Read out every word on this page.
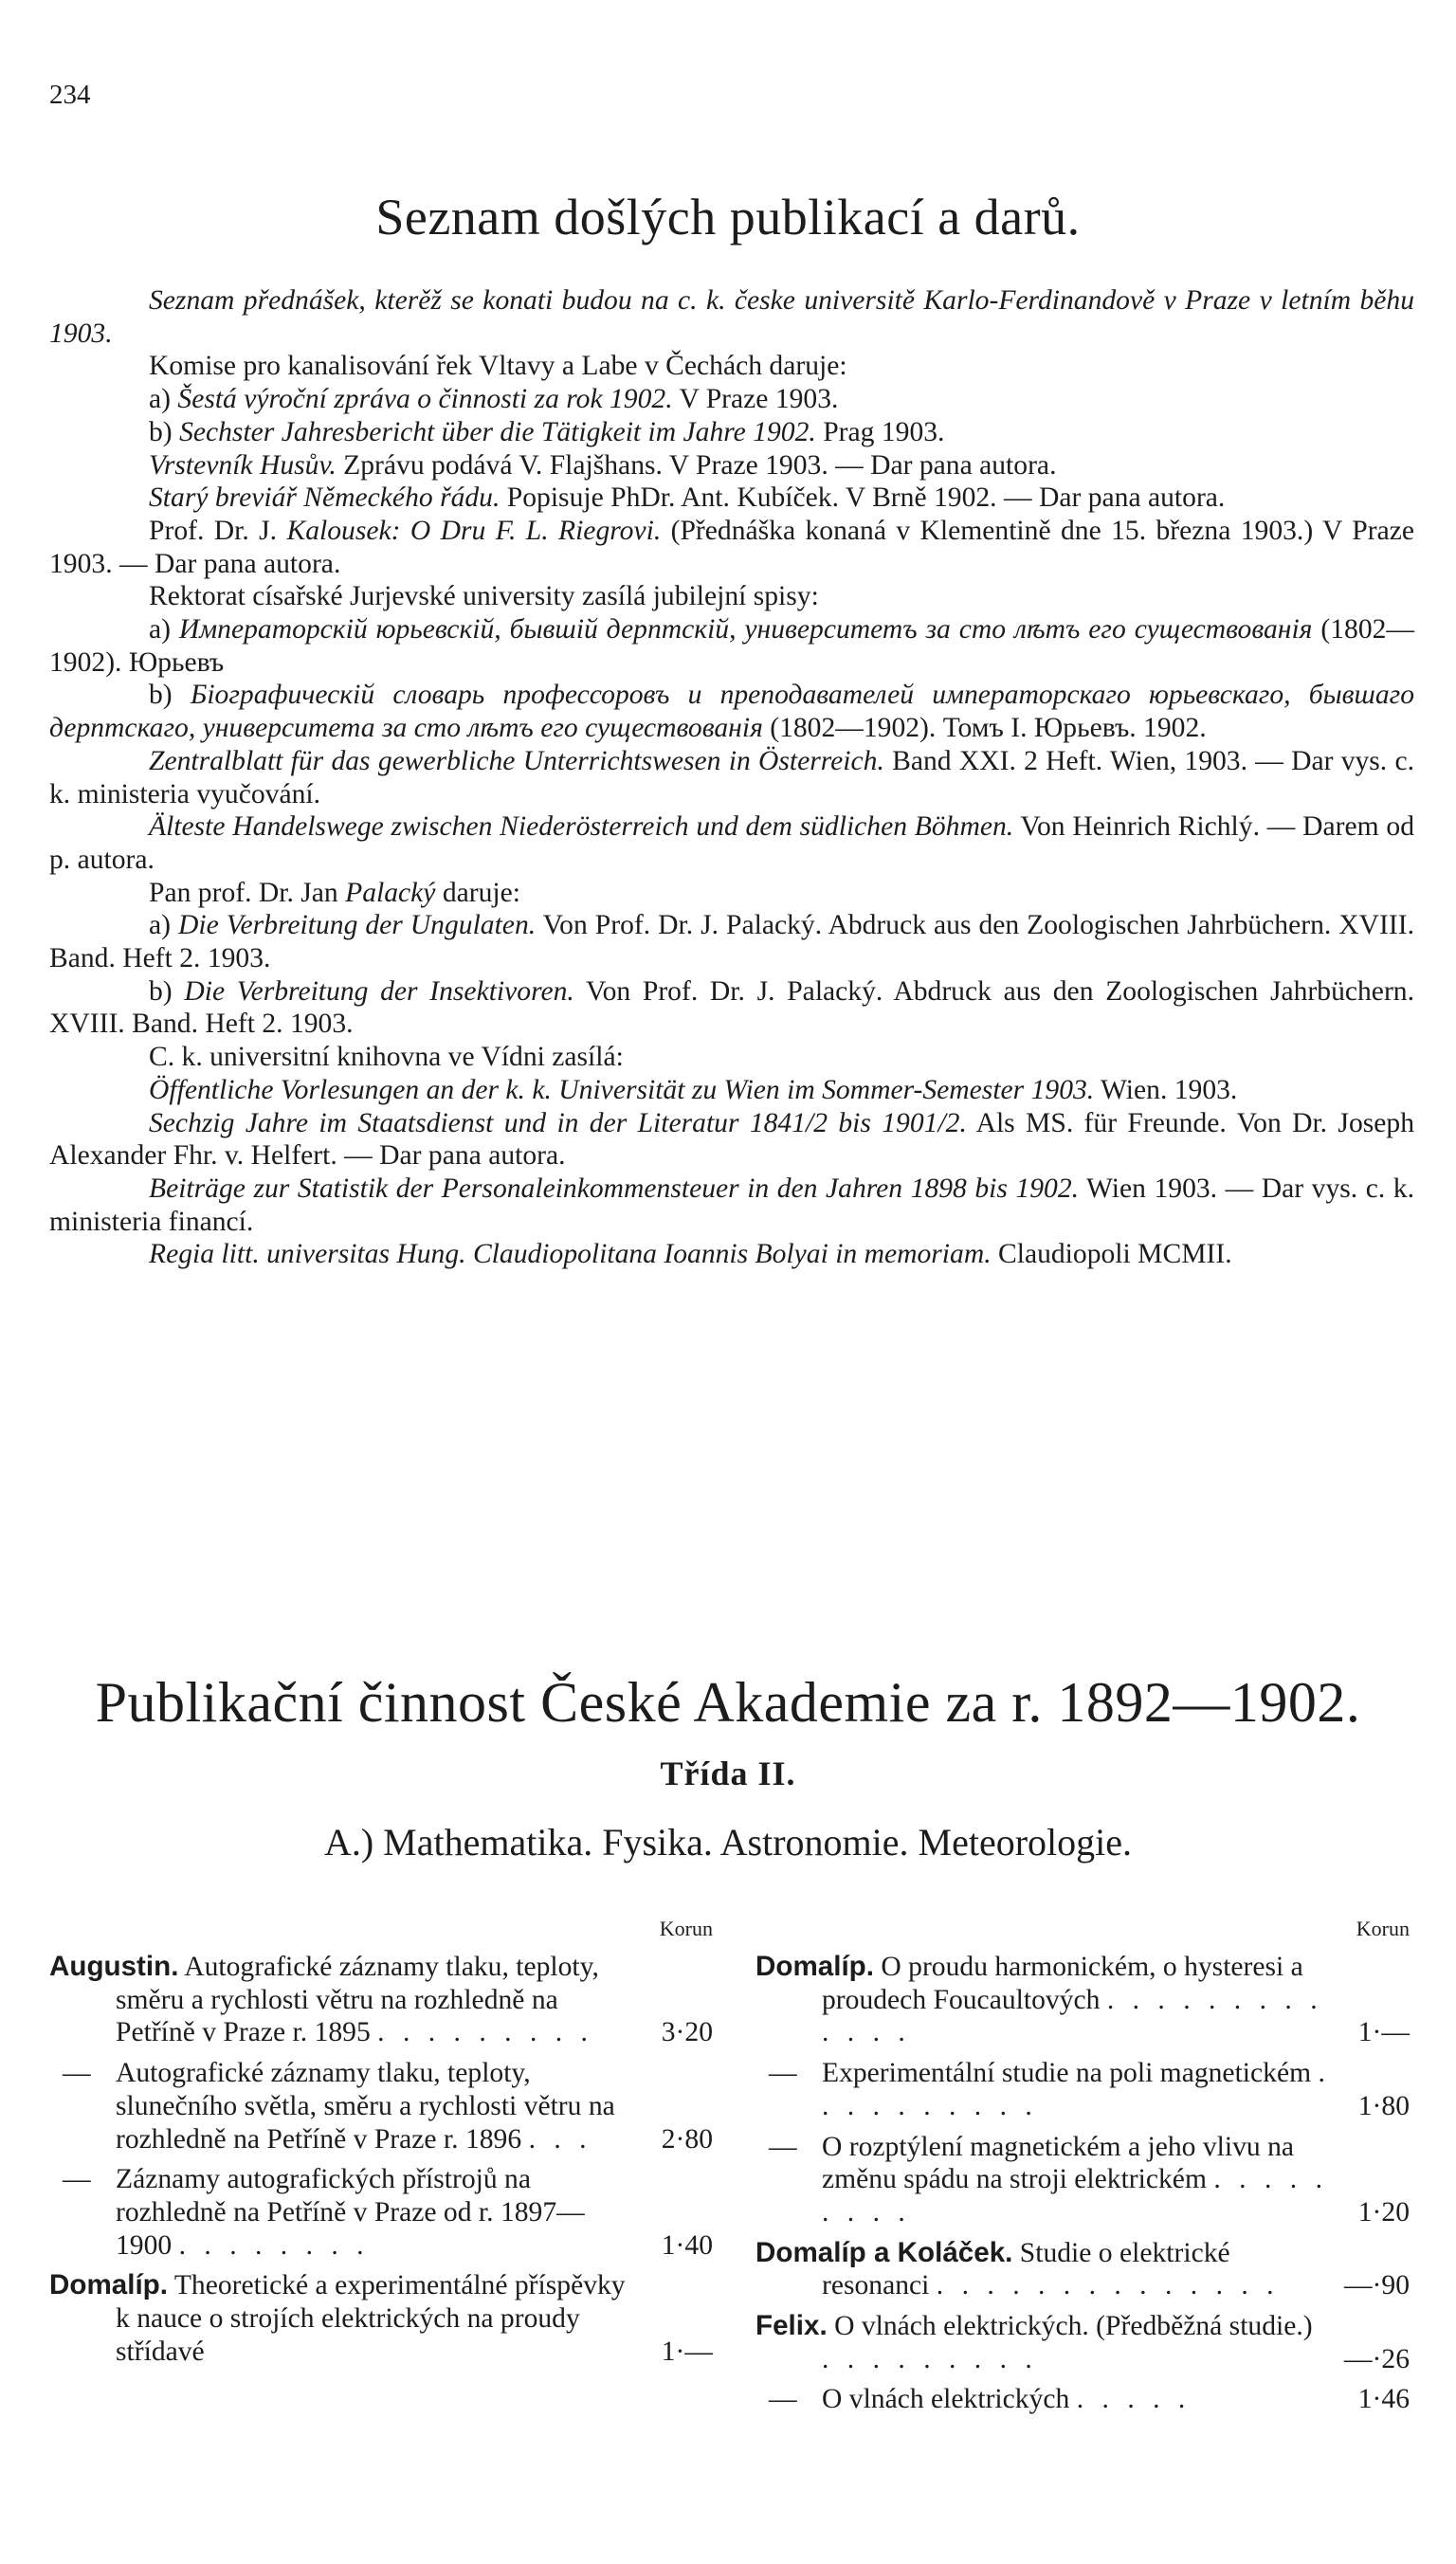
234
Seznam došlých publikací a darů.

Seznam přednášek, kterěž se konati budou na c. k. česke universitě Karlo-Ferdinandově v Praze v letním běhu 1903.

Komise pro kanalisování řek Vltavy a Labe v Čechách daruje:

a) Šestá výroční zpráva o činnosti za rok 1902. V Praze 1903.

b) Sechster Jahresbericht über die Tätigkeit im Jahre 1902. Prag 1903.

Vrstevník Husův. Zprávu podává V. Flajšhans. V Praze 1903. — Dar pana autora.

Starý breviář Německého řádu. Popisuje PhDr. Ant. Kubíček. V Brně 1902. — Dar pana autora.

Prof. Dr. J. Kalousek: O Dru F. L. Riegrovi. (Přednáška konaná v Klementině dne 15. března 1903.) V Praze 1903. — Dar pana autora.

Rektorat císařské Jurjevské university zasílá jubilejní spisy:

a) Императорскiй юрьевскiй, бывшiй дерптскiй, университетъ за сто лѣтъ его существованiя (1802—1902). Юрьевъ

b) Бiографическiй словарь профессоровъ и преподавателей императорскаго юрьевскаго, бывшаго дерптскаго, университета за сто лѣтъ его существованiя (1802—1902). Томъ I. Юрьевъ. 1902.

Zentralblatt für das gewerbliche Unterrichtswesen in Österreich. Band XXI. 2 Heft. Wien, 1903. — Dar vys. c. k. ministeria vyučování.

Älteste Handelswege zwischen Niederösterreich und dem südlichen Böhmen. Von Heinrich Richlý. — Darem od p. autora.

Pan prof. Dr. Jan Palacký daruje:

a) Die Verbreitung der Ungulaten. Von Prof. Dr. J. Palacký. Abdruck aus den Zoologischen Jahrbüchern. XVIII. Band. Heft 2. 1903.

b) Die Verbreitung der Insektivoren. Von Prof. Dr. J. Palacký. Abdruck aus den Zoologischen Jahrbüchern. XVIII. Band. Heft 2. 1903.

C. k. universitní knihovna ve Vídni zasílá:

Öffentliche Vorlesungen an der k. k. Universität zu Wien im Sommer-Semester 1903. Wien. 1903.

Sechzig Jahre im Staatsdienst und in der Literatur 1841/2 bis 1901/2. Als MS. für Freunde. Von Dr. Joseph Alexander Fhr. v. Helfert. — Dar pana autora.

Beiträge zur Statistik der Personaleinkommensteuer in den Jahren 1898 bis 1902. Wien 1903. — Dar vys. c. k. ministeria financí.

Regia litt. universitas Hung. Claudiopolitana Ioannis Bolyai in memoriam. Claudiopoli MCMII.

Publikační činnost České Akademie za r. 1892—1902.
Třída II.
A.) Mathematika. Fysika. Astronomie. Meteorologie.
Korun
Augustin. Autografické záznamy tlaku, teploty, směru a rychlosti větru na rozhledně na Petříně v Praze r. 1895 . . . . . . . . . 3·20
— Autografické záznamy tlaku, teploty, slunečního světla, směru a rychlosti větru na rozhledně na Petříně v Praze r. 1896 . . . 2·80
— Záznamy autografických přístrojů na rozhledně na Petříně v Praze od r. 1897—1900 . . . . . . . .	1·40
Domalíp. Theoretické a experimentálné příspěvky k nauce o strojích elektrických na proudy střídavé	1·—
Korun
Domalíp. O proudu harmonickém, o hysteresi a proudech Foucaultových . . . . . . . . . . . . .	1·—
— Experimentální studie na poli magnetickém . . . . . . . . . .	1·80
— O rozptýlení magnetickém a jeho vlivu na změnu spádu na stroji elektrickém . . . . . . . . .	1·20
Domalíp a Koláček. Studie o elektrické resonanci . . . . . . . . . . . . . . —·90
Felix. O vlnách elektrických. (Předběžná studie.) . . . . . . . . .	—·26
— O vlnách elektrických . . . . .	1·46
